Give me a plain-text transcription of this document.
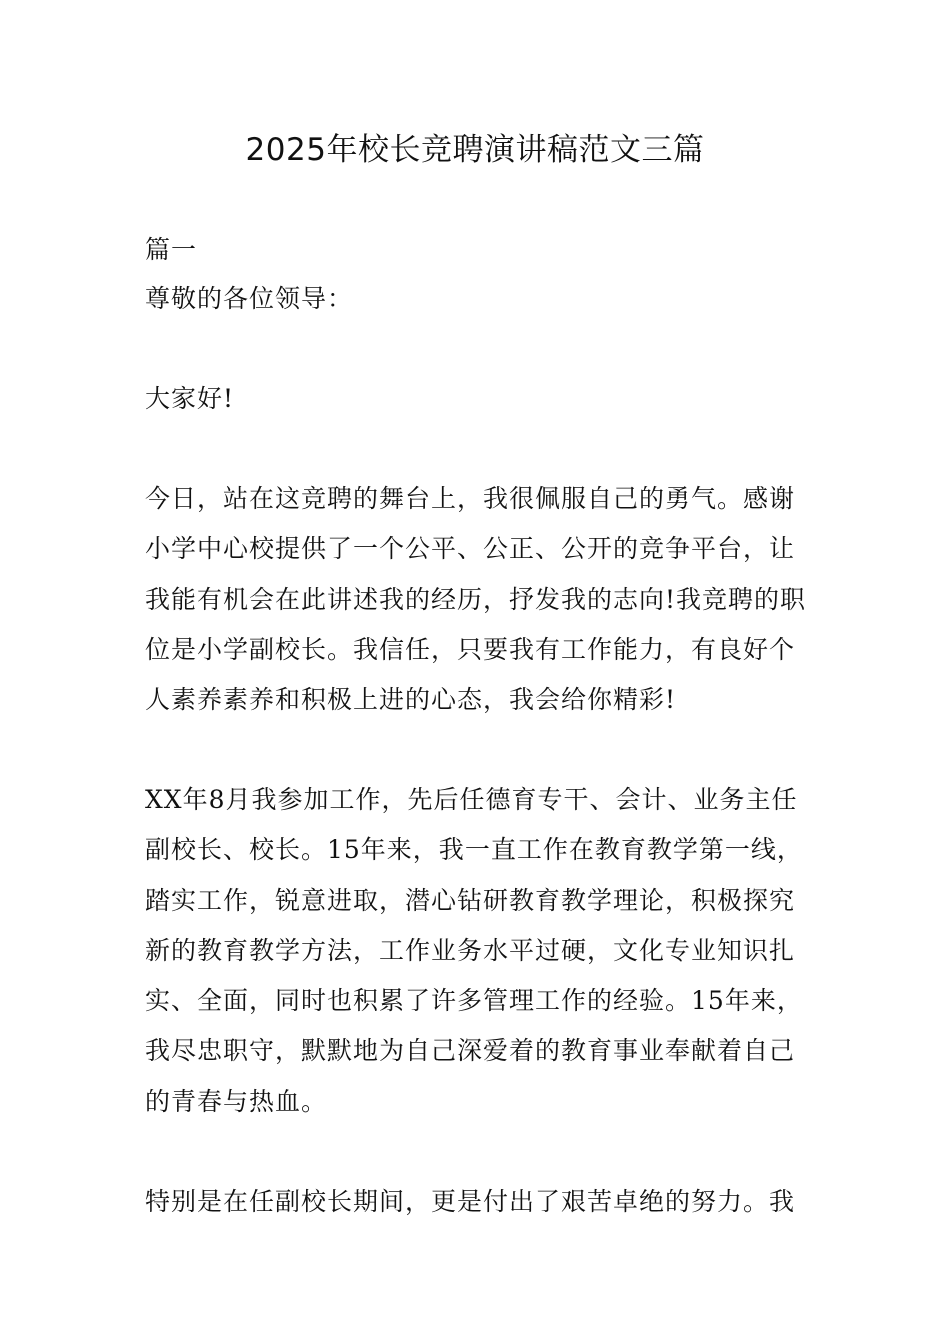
2025年校长竞聘演讲稿范文三篇
篇一
尊敬的各位领导：
大家好!
今日，站在这竞聘的舞台上，我很佩服自己的勇气。感谢
小学中心校提供了一个公平、公正、公开的竞争平台，让
我能有机会在此讲述我的经历，抒发我的志向!我竞聘的职
位是小学副校长。我信任，只要我有工作能力，有良好个
人素养素养和积极上进的心态，我会给你精彩!
XX年8月我参加工作，先后任德育专干、会计、业务主任
副校长、校长。15年来，我一直工作在教育教学第一线，
踏实工作，锐意进取，潜心钻研教育教学理论，积极探究
新的教育教学方法，工作业务水平过硬，文化专业知识扎
实、全面，同时也积累了许多管理工作的经验。15年来，
我尽忠职守，默默地为自己深爱着的教育事业奉献着自己
的青春与热血。
特别是在任副校长期间，更是付出了艰苦卓绝的努力。我
